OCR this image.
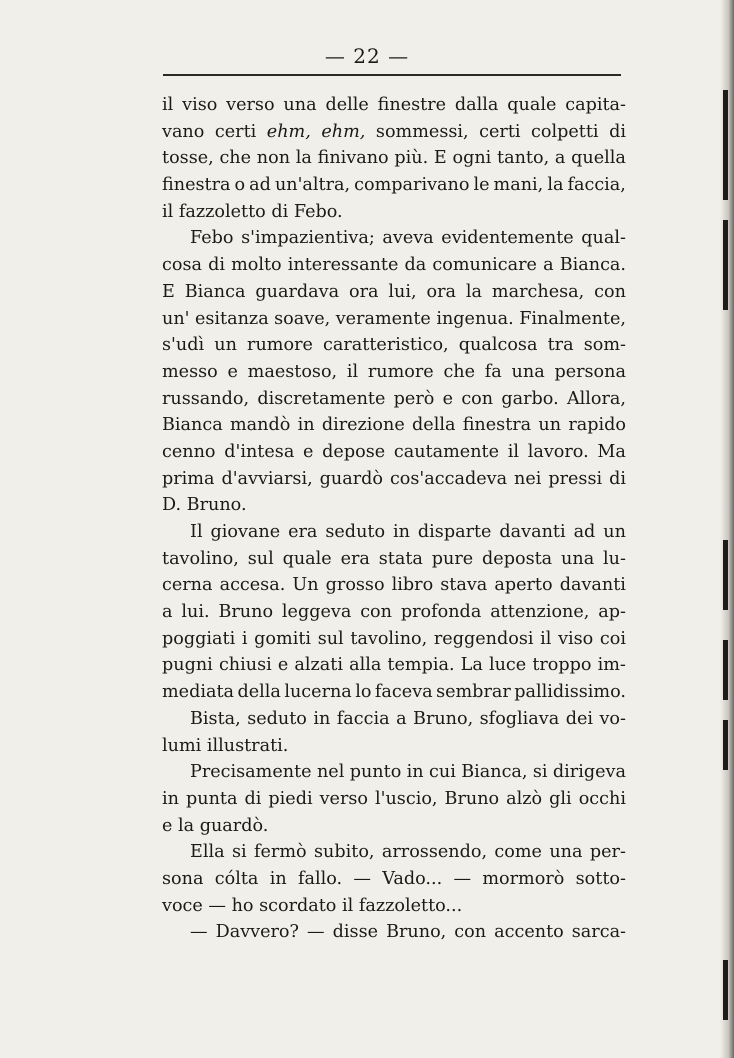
— 22 —
il viso verso una delle finestre dalla quale capita-
vano certi ehm, ehm, sommessi, certi colpetti di
tosse, che non la finivano più. E ogni tanto, a quella
finestra o ad un'altra, comparivano le mani, la faccia,
il fazzoletto di Febo.
Febo s'impazientiva; aveva evidentemente qual-
cosa di molto interessante da comunicare a Bianca.
E Bianca guardava ora lui, ora la marchesa, con
un' esitanza soave, veramente ingenua. Finalmente,
s'udì un rumore caratteristico, qualcosa tra som-
messo e maestoso, il rumore che fa una persona
russando, discretamente però e con garbo. Allora,
Bianca mandò in direzione della finestra un rapido
cenno d'intesa e depose cautamente il lavoro. Ma
prima d'avviarsi, guardò cos'accadeva nei pressi di
D. Bruno.
Il giovane era seduto in disparte davanti ad un
tavolino, sul quale era stata pure deposta una lu-
cerna accesa. Un grosso libro stava aperto davanti
a lui. Bruno leggeva con profonda attenzione, ap-
poggiati i gomiti sul tavolino, reggendosi il viso coi
pugni chiusi e alzati alla tempia. La luce troppo im-
mediata della lucerna lo faceva sembrar pallidissimo.
Bista, seduto in faccia a Bruno, sfogliava dei vo-
lumi illustrati.
Precisamente nel punto in cui Bianca, si dirigeva
in punta di piedi verso l'uscio, Bruno alzò gli occhi
e la guardò.
Ella si fermò subito, arrossendo, come una per-
sona cólta in fallo. — Vado... — mormorò sotto-
voce — ho scordato il fazzoletto...
— Davvero? — disse Bruno, con accento sarca-
